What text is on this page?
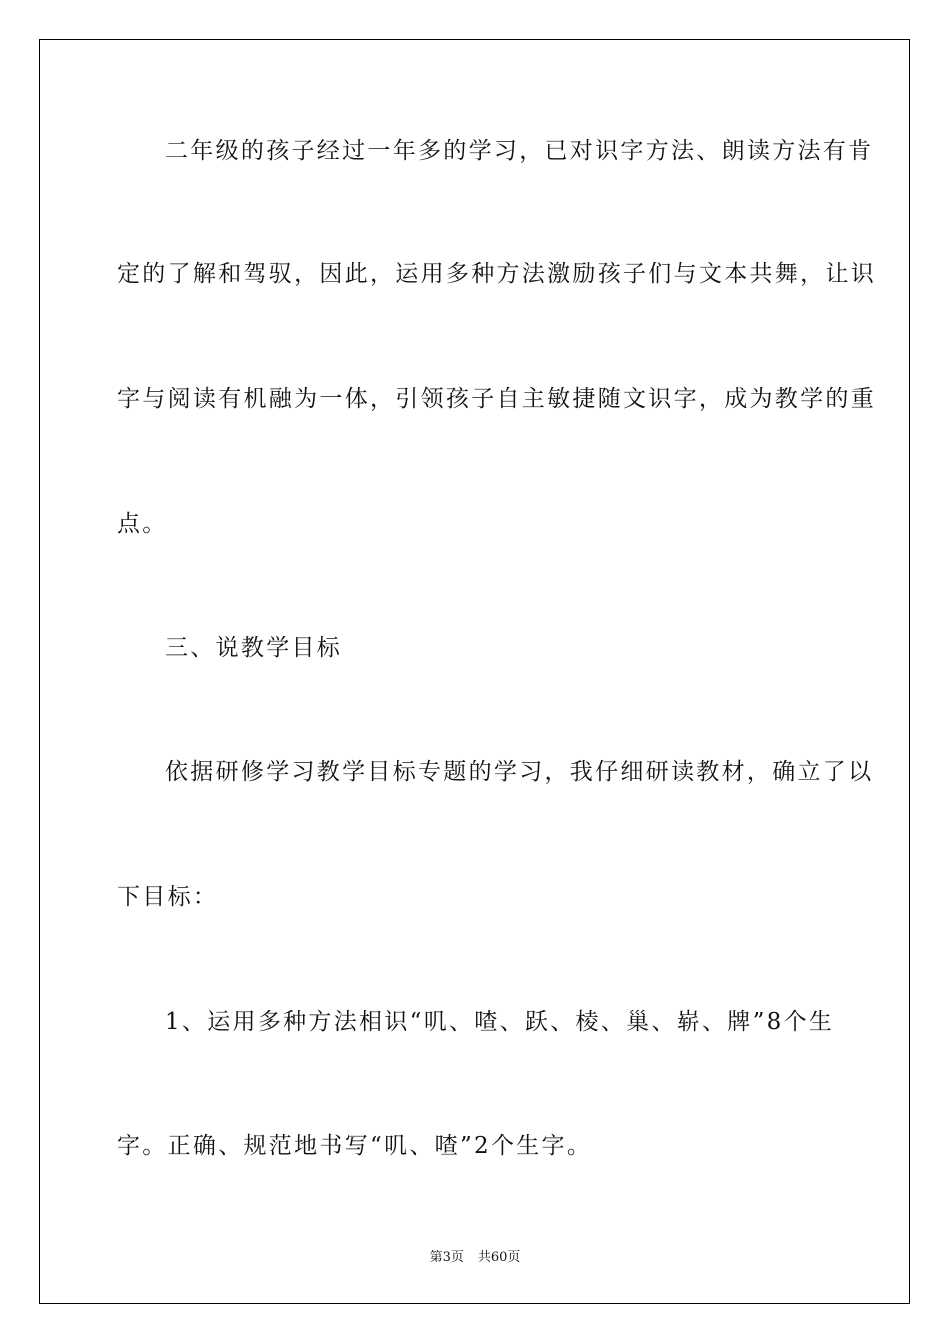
二年级的孩子经过一年多的学习，已对识字方法、朗读方法有肯
定的了解和驾驭，因此，运用多种方法激励孩子们与文本共舞，让识
字与阅读有机融为一体，引领孩子自主敏捷随文识字，成为教学的重
点。
三、说教学目标
依据研修学习教学目标专题的学习，我仔细研读教材，确立了以
下目标：
1、运用多种方法相识“叽、喳、跃、棱、巢、崭、牌”8个生
字。正确、规范地书写“叽、喳”2个生字。
第3页 共60页
